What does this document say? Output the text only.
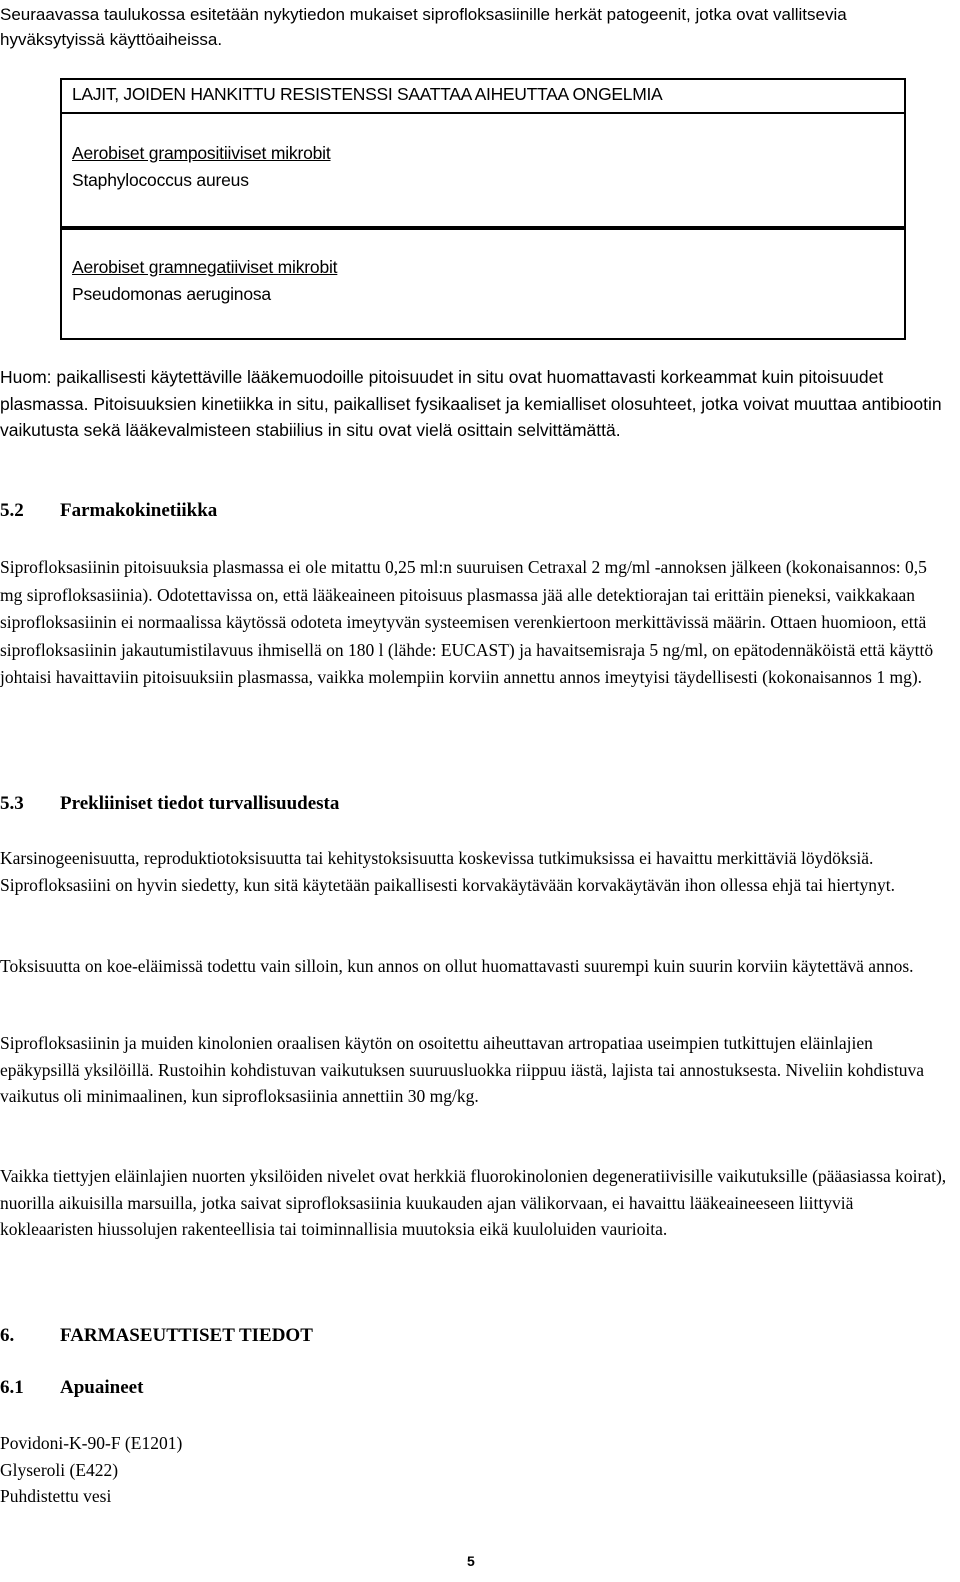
Seuraavassa taulukossa esitetään nykytiedon mukaiset siprofloksasiinille herkät patogeenit, jotka ovat vallitsevia hyväksytyissä käyttöaiheissa.
LAJIT, JOIDEN HANKITTU RESISTENSSI SAATTAA AIHEUTTAA ONGELMIA
Aerobiset grampositiiviset mikrobit
Staphylococcus aureus
Aerobiset gramnegatiiviset mikrobit
Pseudomonas aeruginosa
Huom: paikallisesti käytettäville lääkemuodoille pitoisuudet in situ ovat huomattavasti korkeammat kuin pitoisuudet plasmassa. Pitoisuuksien kinetiikka in situ, paikalliset fysikaaliset ja kemialliset olosuhteet, jotka voivat muuttaa antibiootin vaikutusta sekä lääkevalmisteen stabiilius in situ ovat vielä osittain selvittämättä.
5.2 Farmakokinetiikka
Siprofloksasiinin pitoisuuksia plasmassa ei ole mitattu 0,25 ml:n suuruisen Cetraxal 2 mg/ml -annoksen jälkeen (kokonaisannos: 0,5 mg siprofloksasiinia). Odotettavissa on, että lääkeaineen pitoisuus plasmassa jää alle detektiorajan tai erittäin pieneksi, vaikkakaan siprofloksasiinin ei normaalissa käytössä odoteta imeytyvän systeemisen verenkiertoon merkittävissä määrin. Ottaen huomioon, että siprofloksasiinin jakautumistilavuus ihmisellä on 180 l (lähde: EUCAST) ja havaitsemisraja 5 ng/ml, on epätodennäköistä että käyttö johtaisi havaittaviin pitoisuuksiin plasmassa, vaikka molempiin korviin annettu annos imeytyisi täydellisesti (kokonaisannos 1 mg).
5.3 Prekliiniset tiedot turvallisuudesta
Karsinogeenisuutta, reproduktiotoksisuutta tai kehitystoksisuutta koskevissa tutkimuksissa ei havaittu merkittäviä löydöksiä. Siprofloksasiini on hyvin siedetty, kun sitä käytetään paikallisesti korvakäytävään korvakäytävän ihon ollessa ehjä tai hiertynyt.
Toksisuutta on koe-eläimissä todettu vain silloin, kun annos on ollut huomattavasti suurempi kuin suurin korviin käytettävä annos.
Siprofloksasiinin ja muiden kinolonien oraalisen käytön on osoitettu aiheuttavan artropatiaa useimpien tutkittujen eläinlajien epäkypsillä yksilöillä. Rustoihin kohdistuvan vaikutuksen suuruusluokka riippuu iästä, lajista tai annostuksesta. Niveliin kohdistuva vaikutus oli minimaalinen, kun siprofloksasiinia annettiin 30 mg/kg.
Vaikka tiettyjen eläinlajien nuorten yksilöiden nivelet ovat herkkiä fluorokinolonien degeneratiivisille vaikutuksille (pääasiassa koirat), nuorilla aikuisilla marsuilla, jotka saivat siprofloksasiinia kuukauden ajan välikorvaan, ei havaittu lääkeaineeseen liittyviä kokleaaristen hiussolujen rakenteellisia tai toiminnallisia muutoksia eikä kuuloluiden vaurioita.
6. FARMASEUTTISET TIEDOT
6.1 Apuaineet
Povidoni-K-90-F (E1201)
Glyseroli (E422)
Puhdistettu vesi
5
